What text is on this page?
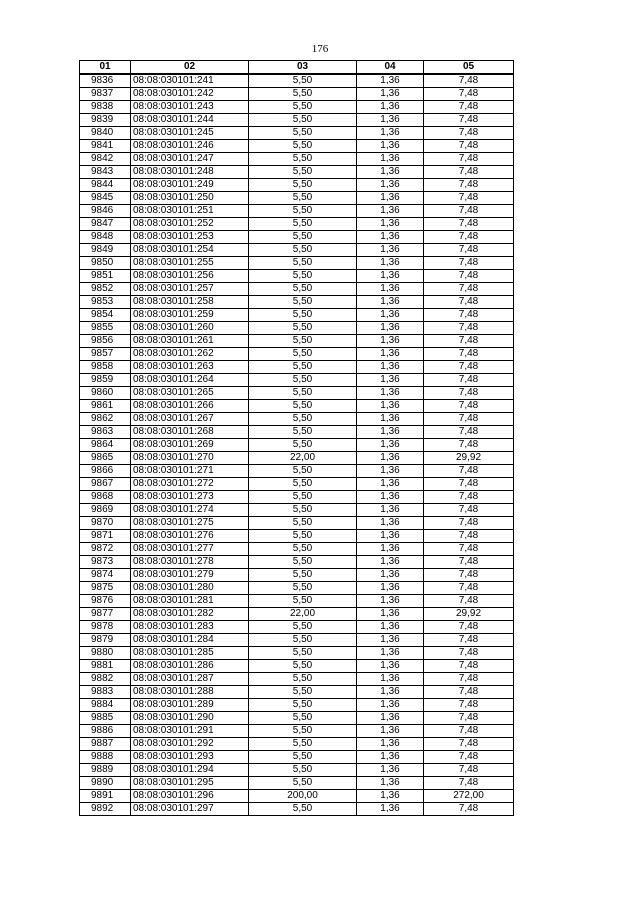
176
01	02	03	04	05
9836	08:08:030101:241	5,50	1,36	7,48
9837	08:08:030101:242	5,50	1,36	7,48
9838	08:08:030101:243	5,50	1,36	7,48
9839	08:08:030101:244	5,50	1,36	7,48
9840	08:08:030101:245	5,50	1,36	7,48
9841	08:08:030101:246	5,50	1,36	7,48
9842	08:08:030101:247	5,50	1,36	7,48
9843	08:08:030101:248	5,50	1,36	7,48
9844	08:08:030101:249	5,50	1,36	7,48
9845	08:08:030101:250	5,50	1,36	7,48
9846	08:08:030101:251	5,50	1,36	7,48
9847	08:08:030101:252	5,50	1,36	7,48
9848	08:08:030101:253	5,50	1,36	7,48
9849	08:08:030101:254	5,50	1,36	7,48
9850	08:08:030101:255	5,50	1,36	7,48
9851	08:08:030101:256	5,50	1,36	7,48
9852	08:08:030101:257	5,50	1,36	7,48
9853	08:08:030101:258	5,50	1,36	7,48
9854	08:08:030101:259	5,50	1,36	7,48
9855	08:08:030101:260	5,50	1,36	7,48
9856	08:08:030101:261	5,50	1,36	7,48
9857	08:08:030101:262	5,50	1,36	7,48
9858	08:08:030101:263	5,50	1,36	7,48
9859	08:08:030101:264	5,50	1,36	7,48
9860	08:08:030101:265	5,50	1,36	7,48
9861	08:08:030101:266	5,50	1,36	7,48
9862	08:08:030101:267	5,50	1,36	7,48
9863	08:08:030101:268	5,50	1,36	7,48
9864	08:08:030101:269	5,50	1,36	7,48
9865	08:08:030101:270	22,00	1,36	29,92
9866	08:08:030101:271	5,50	1,36	7,48
9867	08:08:030101:272	5,50	1,36	7,48
9868	08:08:030101:273	5,50	1,36	7,48
9869	08:08:030101:274	5,50	1,36	7,48
9870	08:08:030101:275	5,50	1,36	7,48
9871	08:08:030101:276	5,50	1,36	7,48
9872	08:08:030101:277	5,50	1,36	7,48
9873	08:08:030101:278	5,50	1,36	7,48
9874	08:08:030101:279	5,50	1,36	7,48
9875	08:08:030101:280	5,50	1,36	7,48
9876	08:08:030101:281	5,50	1,36	7,48
9877	08:08:030101:282	22,00	1,36	29,92
9878	08:08:030101:283	5,50	1,36	7,48
9879	08:08:030101:284	5,50	1,36	7,48
9880	08:08:030101:285	5,50	1,36	7,48
9881	08:08:030101:286	5,50	1,36	7,48
9882	08:08:030101:287	5,50	1,36	7,48
9883	08:08:030101:288	5,50	1,36	7,48
9884	08:08:030101:289	5,50	1,36	7,48
9885	08:08:030101:290	5,50	1,36	7,48
9886	08:08:030101:291	5,50	1,36	7,48
9887	08:08:030101:292	5,50	1,36	7,48
9888	08:08:030101:293	5,50	1,36	7,48
9889	08:08:030101:294	5,50	1,36	7,48
9890	08:08:030101:295	5,50	1,36	7,48
9891	08:08:030101:296	200,00	1,36	272,00
9892	08:08:030101:297	5,50	1,36	7,48
